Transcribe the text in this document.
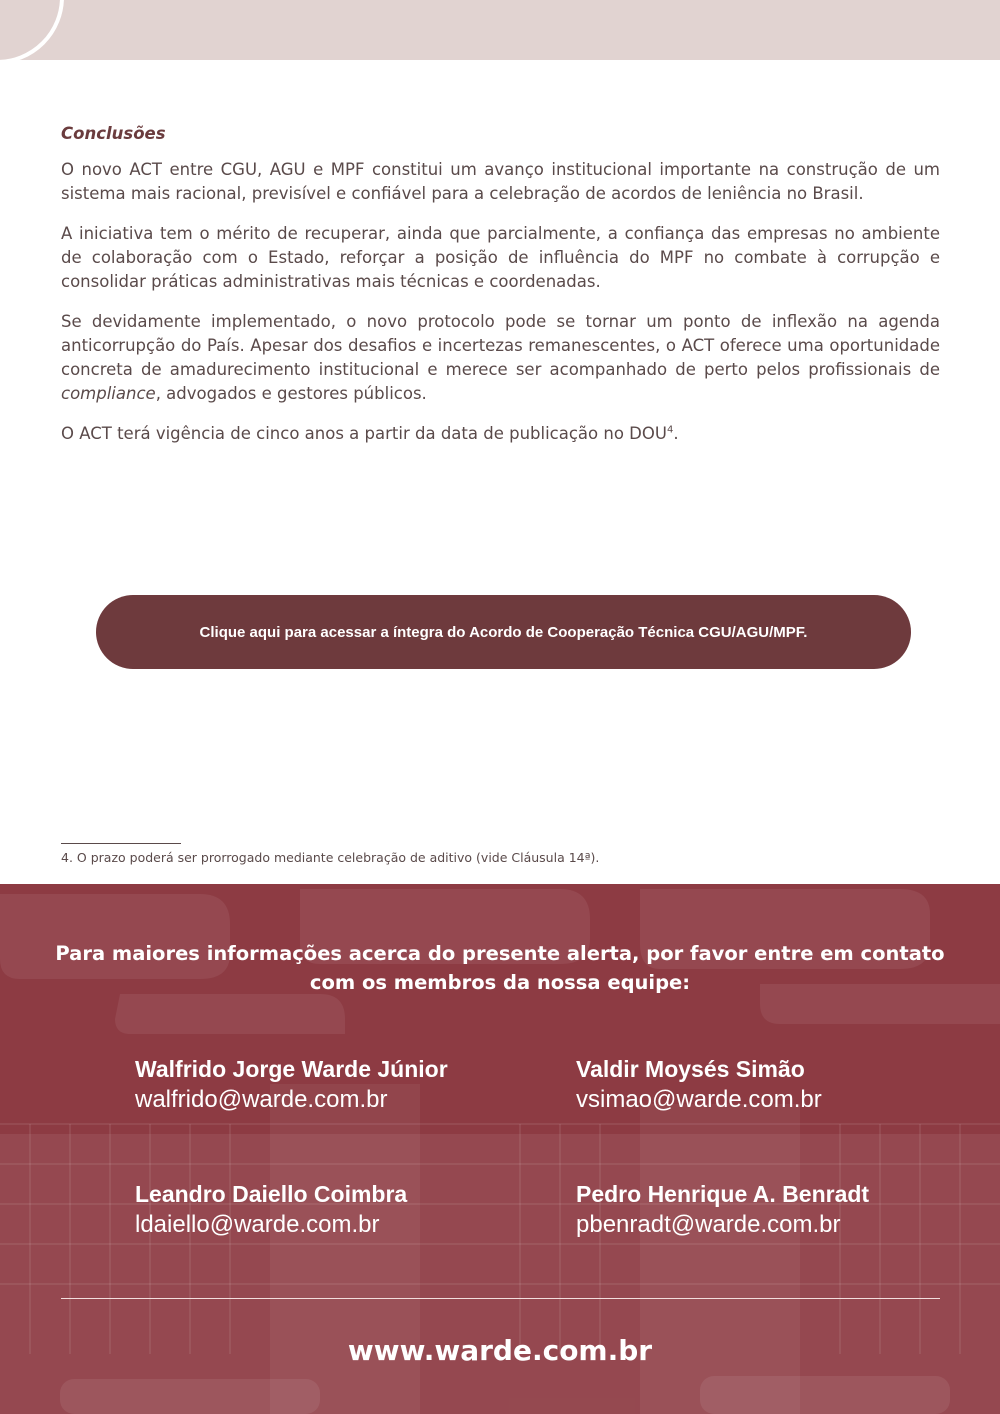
Conclusões

O novo ACT entre CGU, AGU e MPF constitui um avanço institucional importante na construção de um sistema mais racional, previsível e confiável para a celebração de acordos de leniência no Brasil.

A iniciativa tem o mérito de recuperar, ainda que parcialmente, a confiança das empresas no ambiente de colaboração com o Estado, reforçar a posição de influência do MPF no combate à corrupção e consolidar práticas administrativas mais técnicas e coordenadas.

Se devidamente implementado, o novo protocolo pode se tornar um ponto de inflexão na agenda anticorrupção do País. Apesar dos desafios e incertezas remanescentes, o ACT oferece uma oportunidade concreta de amadurecimento institucional e merece ser acompanhado de perto pelos profissionais de compliance, advogados e gestores públicos.

O ACT terá vigência de cinco anos a partir da data de publicação no DOU$^4$.

Clique aqui para acessar a íntegra do Acordo de Cooperação Técnica CGU/AGU/MPF.
4. O prazo poderá ser prorrogado mediante celebração de aditivo (vide Cláusula 14ª).
Para maiores informações acerca do presente alerta, por favor entre em contato com os membros da nossa equipe:
Walfrido Jorge Warde Júnior
walfrido@warde.com.br
Valdir Moysés Simão
vsimao@warde.com.br
Leandro Daiello Coimbra
ldaiello@warde.com.br
Pedro Henrique A. Benradt
pbenradt@warde.com.br
www.warde.com.br
